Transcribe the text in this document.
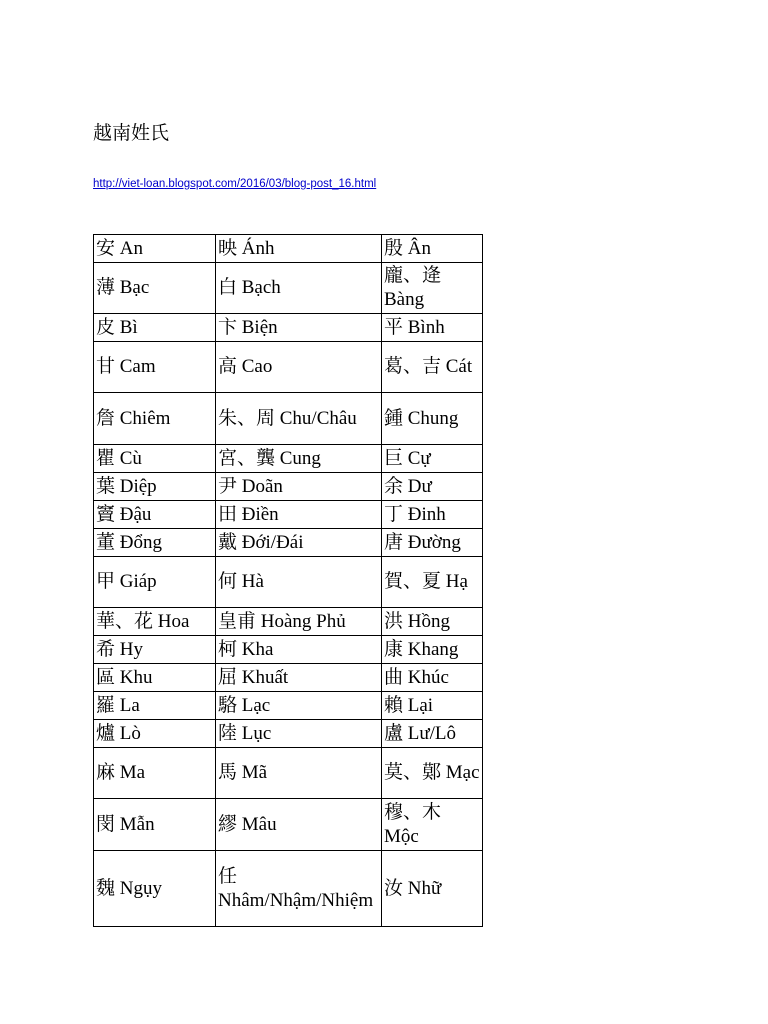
越南姓氏
http://viet-loan.blogspot.com/2016/03/blog-post_16.html
安 An	映 Ánh	殷 Ân
薄 Bạc	白 Bạch	龐、逄 Bàng
皮 Bì	卞 Biện	平 Bình
甘 Cam	高 Cao	葛、吉 Cát
詹 Chiêm	朱、周 Chu/Châu	鍾 Chung
瞿 Cù	宮、龔 Cung	巨 Cự
葉 Diệp	尹 Doãn	余 Dư
竇 Đậu	田 Điền	丁 Đinh
董 Đổng	戴 Đới/Đái	唐 Đường
甲 Giáp	何 Hà	賀、夏 Hạ
華、花 Hoa	皇甫 Hoàng Phủ	洪 Hồng
希 Hy	柯 Kha	康 Khang
區 Khu	屈 Khuất	曲 Khúc
羅 La	駱 Lạc	賴 Lại
爐 Lò	陸 Lục	盧 Lư/Lô
麻 Ma	馬 Mã	莫、鄚 Mạc
閔 Mẫn	繆 Mâu	穆、木 Mộc
魏 Ngụy	任 Nhâm/Nhậm/Nhiệm	汝 Nhữ
